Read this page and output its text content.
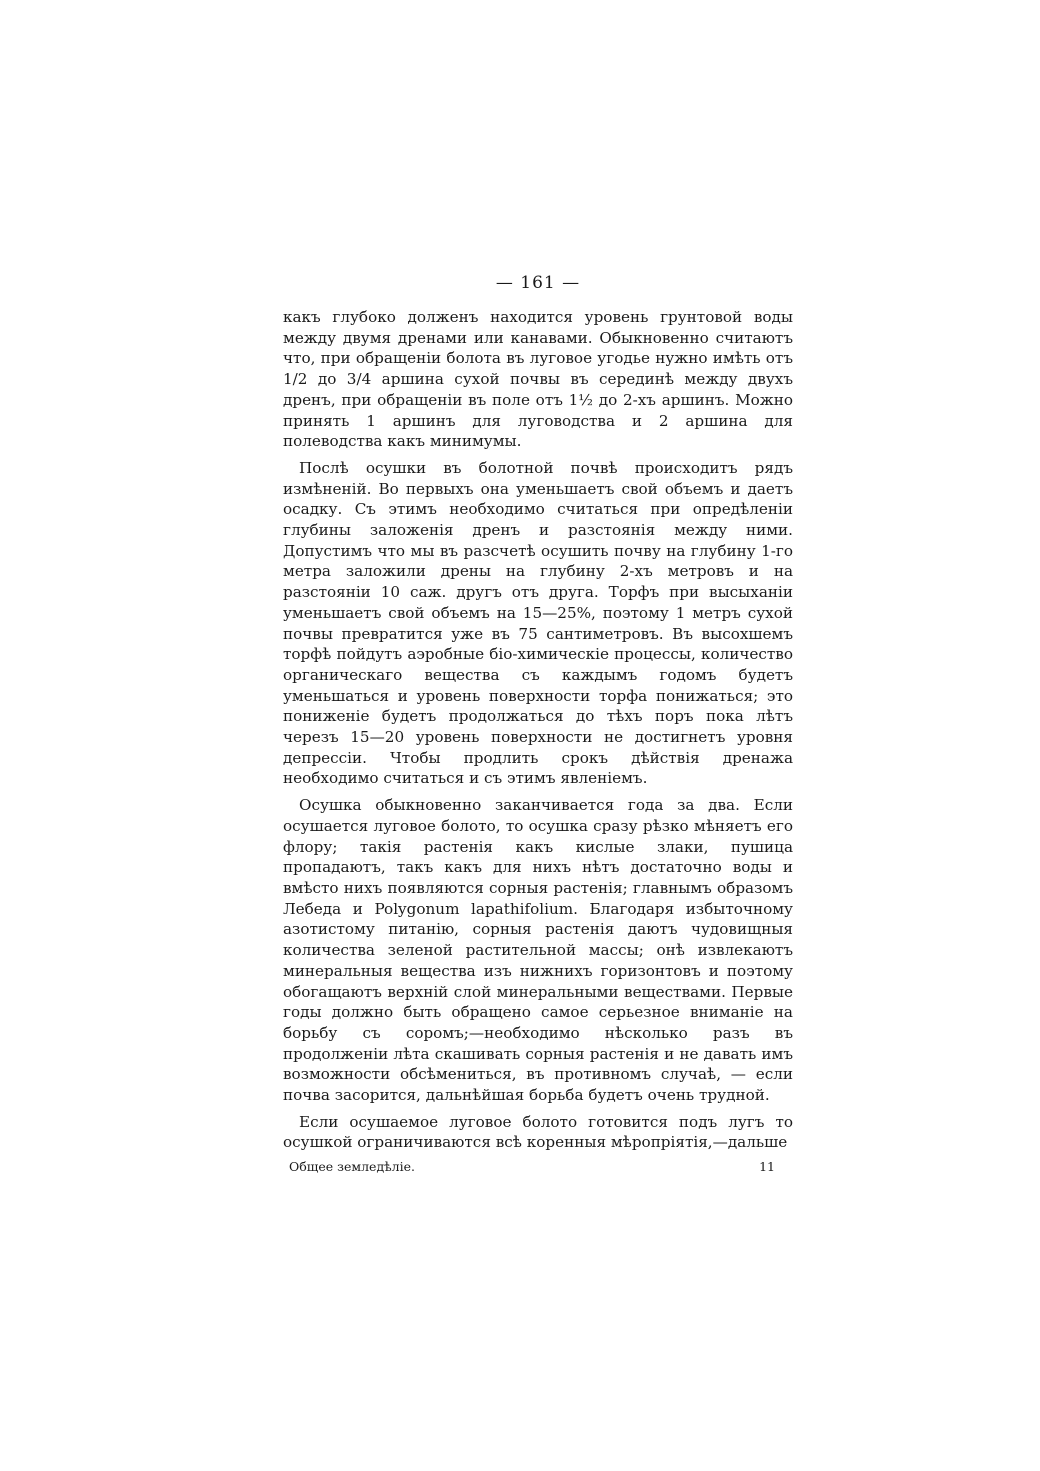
— 161 —

какъ глубоко долженъ находится уровень грунтовой воды между двумя дренами или канавами. Обыкновенно считаютъ что, при обращеніи болота въ луговое угодье нужно имѣть отъ 1/2 до 3/4 аршина сухой почвы въ серединѣ между двухъ дренъ, при обращеніи въ поле отъ 1½ до 2-хъ аршинъ. Можно принять 1 аршинъ для луговодства и 2 аршина для полеводства какъ минимумы.

Послѣ осушки въ болотной почвѣ происходитъ рядъ измѣненій. Во первыхъ она уменьшаетъ свой объемъ и даетъ осадку. Съ этимъ необходимо считаться при опредѣленіи глубины заложенія дренъ и разстоянія между ними. Допустимъ что мы въ разсчетѣ осушить почву на глубину 1-го метра заложили дрены на глубину 2-хъ метровъ и на разстояніи 10 саж. другъ отъ друга. Торфъ при высыханіи уменьшаетъ свой объемъ на 15—25%, поэтому 1 метръ сухой почвы превратится уже въ 75 сантиметровъ. Въ высохшемъ торфѣ пойдутъ аэробные біо-химическіе процессы, количество органическаго вещества съ каждымъ годомъ будетъ уменьшаться и уровень поверхности торфа понижаться; это пониженіе будетъ продолжаться до тѣхъ поръ пока лѣтъ черезъ 15—20 уровень поверхности не достигнетъ уровня депрессіи. Чтобы продлить срокъ дѣйствія дренажа необходимо считаться и съ этимъ явленіемъ.

Осушка обыкновенно заканчивается года за два. Если осушается луговое болото, то осушка сразу рѣзко мѣняетъ его флору; такія растенія какъ кислые злаки, пушица пропадаютъ, такъ какъ для нихъ нѣтъ достаточно воды и вмѣсто нихъ появляются сорныя растенія; главнымъ образомъ Лебеда и Polygonum lapathifolium. Благодаря избыточному азотистому питанію, сорныя растенія даютъ чудовищныя количества зеленой растительной массы; онѣ извлекаютъ минеральныя вещества изъ нижнихъ горизонтовъ и поэтому обогащаютъ верхній слой минеральными веществами. Первые годы должно быть обращено самое серьезное вниманіе на борьбу съ соромъ;—необходимо нѣсколько разъ въ продолженіи лѣта скашивать сорныя растенія и не давать имъ возможности обсѣмениться, въ противномъ случаѣ, — если почва засорится, дальнѣйшая борьба будетъ очень трудной.

Если осушаемое луговое болото готовится подъ лугъ то осушкой ограничиваются всѣ коренныя мѣропріятія,—дальше

Общее земледѣліе.	11
